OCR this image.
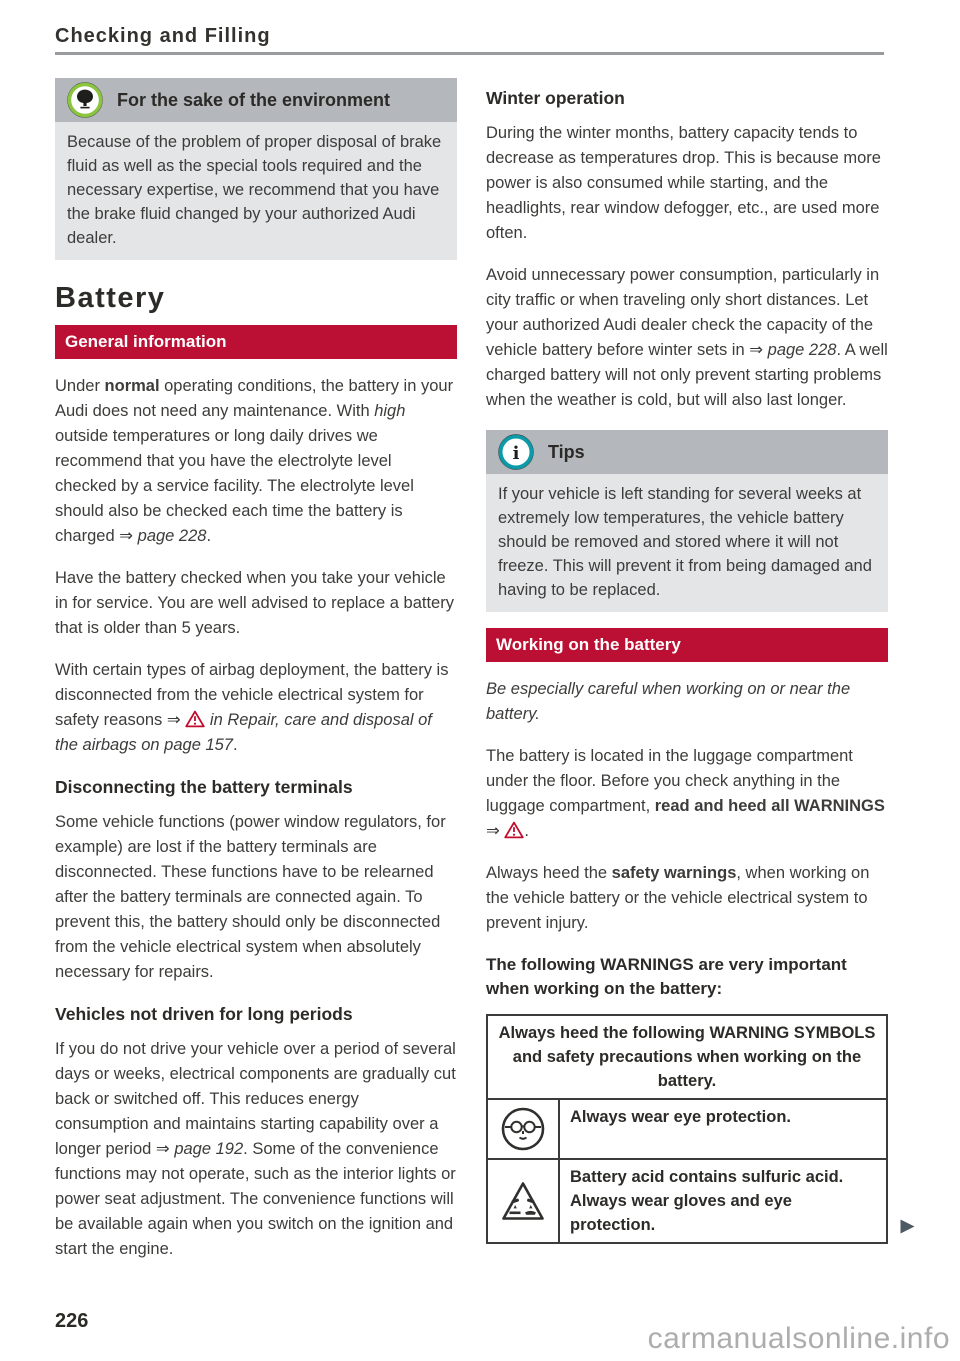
Checking and Filling
For the sake of the environment
Because of the problem of proper disposal of brake fluid as well as the special tools required and the necessary expertise, we recommend that you have the brake fluid changed by your authorized Audi dealer.
Battery
General information

Under normal operating conditions, the battery in your Audi does not need any maintenance. With high outside temperatures or long daily drives we recommend that you have the electrolyte level checked by a service facility. The electrolyte level should also be checked each time the battery is charged ⇒ page 228.

Have the battery checked when you take your vehicle in for service. You are well advised to replace a battery that is older than 5 years.

With certain types of airbag deployment, the battery is disconnected from the vehicle electrical system for safety reasons ⇒  in Repair, care and disposal of the airbags on page 157.

Disconnecting the battery terminals

Some vehicle functions (power window regulators, for example) are lost if the battery terminals are disconnected. These functions have to be relearned after the battery terminals are connected again. To prevent this, the battery should only be disconnected from the vehicle electrical system when absolutely necessary for repairs.

Vehicles not driven for long periods

If you do not drive your vehicle over a period of several days or weeks, electrical components are gradually cut back or switched off. This reduces energy consumption and maintains starting capability over a longer period ⇒ page 192. Some of the convenience functions may not operate, such as the interior lights or power seat adjustment. The convenience functions will be available again when you switch on the ignition and start the engine.

Winter operation

During the winter months, battery capacity tends to decrease as temperatures drop. This is because more power is also consumed while starting, and the headlights, rear window defogger, etc., are used more often.

Avoid unnecessary power consumption, particularly in city traffic or when traveling only short distances. Let your authorized Audi dealer check the capacity of the vehicle battery before winter sets in ⇒ page 228. A well charged battery will not only prevent starting problems when the weather is cold, but will also last longer.

i Tips
If your vehicle is left standing for several weeks at extremely low temperatures, the vehicle battery should be removed and stored where it will not freeze. This will prevent it from being damaged and having to be replaced.
Working on the battery

Be especially careful when working on or near the battery.

The battery is located in the luggage compartment under the floor. Before you check anything in the luggage compartment, read and heed all WARNINGS ⇒ .

Always heed the safety warnings, when working on the vehicle battery or the vehicle electrical system to prevent injury.

The following WARNINGS are very important when working on the battery:
Always heed the following WARNING SYMBOLS and safety precautions when working on the battery.	
	Always wear eye protection.
	Battery acid contains sulfuric acid. Always wear gloves and eye protection.
226
carmanualsonline.info
